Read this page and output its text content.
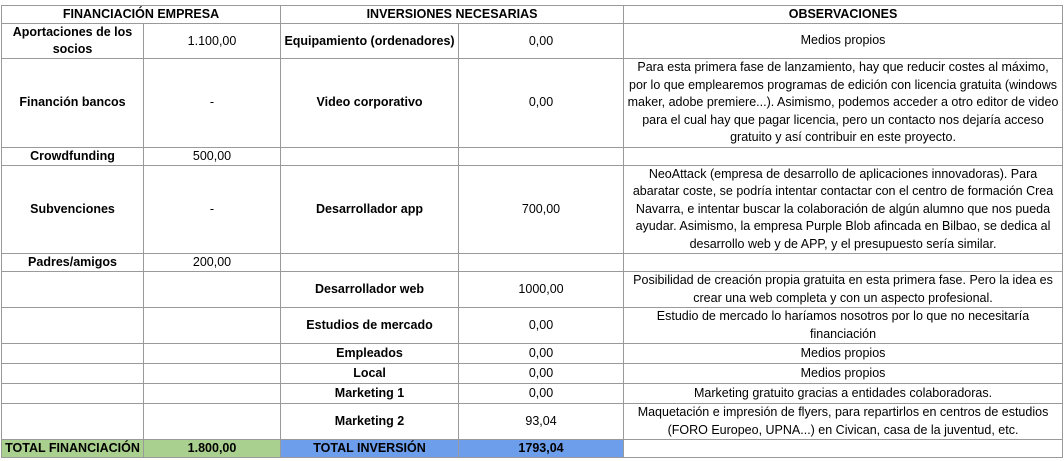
FINANCIACIÓN EMPRESA		INVERSIONES NECESARIAS		OBSERVACIONES
Aportaciones de los socios	1.100,00	Equipamiento (ordenadores)	0,00	Medios propios
Financión bancos	-	Video corporativo	0,00	Para esta primera fase de lanzamiento, hay que reducir costes al máximo, por lo que emplearemos programas de edición con licencia gratuita (windows maker, adobe premiere...). Asimismo, podemos acceder a otro editor de video para el cual hay que pagar licencia, pero un contacto nos dejaría acceso gratuito y así contribuir en este proyecto.
Crowdfunding	500,00			
Subvenciones	-	Desarrollador app	700,00	NeoAttack (empresa de desarrollo de aplicaciones innovadoras). Para abaratar coste, se podría intentar contactar con el centro de formación Crea Navarra, e intentar buscar la colaboración de algún alumno que nos pueda ayudar. Asimismo, la empresa Purple Blob afincada en Bilbao, se dedica al desarrollo web y de APP, y el presupuesto sería similar.
Padres/amigos	200,00			
		Desarrollador web	1000,00	Posibilidad de creación propia gratuita en esta primera fase. Pero la idea es crear una web completa y con un aspecto profesional.
		Estudios de mercado	0,00	Estudio de mercado lo haríamos nosotros por lo que no necesitaría financiación
		Empleados	0,00	Medios propios
		Local	0,00	Medios propios
		Marketing 1	0,00	Marketing gratuito gracias a entidades colaboradoras.
		Marketing 2	93,04	Maquetación e impresión de flyers, para repartirlos en centros de estudios (FORO Europeo, UPNA...) en Civican, casa de la juventud, etc.
TOTAL FINANCIACIÓN	1.800,00	TOTAL INVERSIÓN	1793,04	
